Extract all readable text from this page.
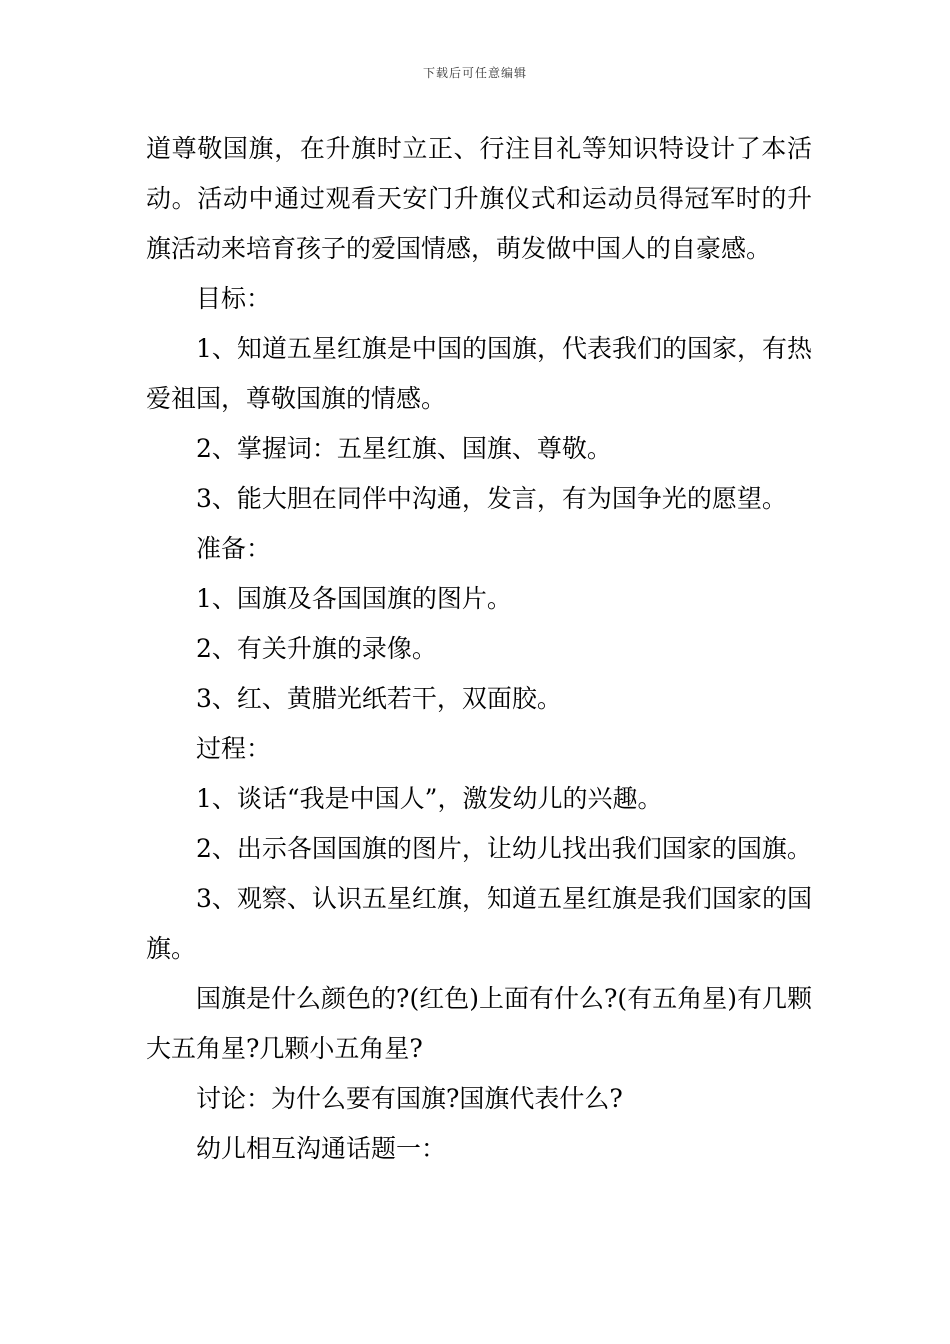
下载后可任意编辑

道尊敬国旗，在升旗时立正、行注目礼等知识特设计了本活动。活动中通过观看天安门升旗仪式和运动员得冠军时的升旗活动来培育孩子的爱国情感，萌发做中国人的自豪感。

目标：

1、知道五星红旗是中国的国旗，代表我们的国家，有热爱祖国，尊敬国旗的情感。

2、掌握词：五星红旗、国旗、尊敬。

3、能大胆在同伴中沟通，发言，有为国争光的愿望。

准备：

1、国旗及各国国旗的图片。

2、有关升旗的录像。

3、红、黄腊光纸若干，双面胶。

过程：

1、谈话“我是中国人”，激发幼儿的兴趣。

2、出示各国国旗的图片，让幼儿找出我们国家的国旗。

3、观察、认识五星红旗，知道五星红旗是我们国家的国旗。

国旗是什么颜色的?(红色)上面有什么?(有五角星)有几颗大五角星?几颗小五角星?

讨论：为什么要有国旗?国旗代表什么?

幼儿相互沟通话题一：
